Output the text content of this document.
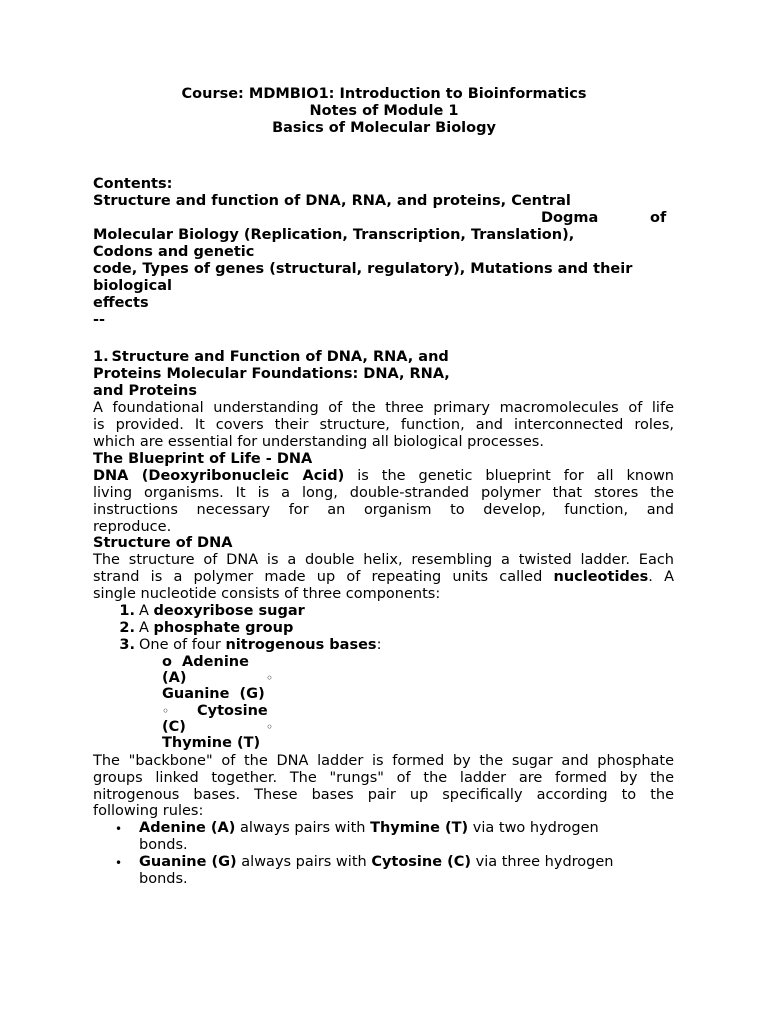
Course: MDMBIO1: Introduction to Bioinformatics
Notes of Module 1
Basics of Molecular Biology
Contents:
Structure and function of DNA, RNA, and proteins, Central
Dogma	of
Molecular Biology (Replication, Transcription, Translation),
Codons and genetic
code, Types of genes (structural, regulatory), Mutations and their
biological
effects
--
1. Structure and Function of DNA, RNA, and
Proteins Molecular Foundations: DNA, RNA,
and Proteins
A foundational understanding of the three primary macromolecules of life
is provided. It covers their structure, function, and interconnected roles,
which are essential for understanding all biological processes.
The Blueprint of Life - DNA
DNA (Deoxyribonucleic Acid) is the genetic blueprint for all known
living organisms. It is a long, double-stranded polymer that stores the
instructions necessary for an organism to develop, function, and
reproduce.
Structure of DNA
The structure of DNA is a double helix, resembling a twisted ladder. Each
strand is a polymer made up of repeating units called nucleotides. A
single nucleotide consists of three components:
1. A deoxyribose sugar
2. A phosphate group
3. One of four nitrogenous bases:
o  Adenine
(A)	◦
Guanine  (G)
◦ Cytosine
(C)	◦
Thymine (T)
The "backbone" of the DNA ladder is formed by the sugar and phosphate
groups linked together. The "rungs" of the ladder are formed by the
nitrogenous bases. These bases pair up specifically according to the
following rules:
• Adenine (A) always pairs with Thymine (T) via two hydrogen
bonds.
• Guanine (G) always pairs with Cytosine (C) via three hydrogen
bonds.
